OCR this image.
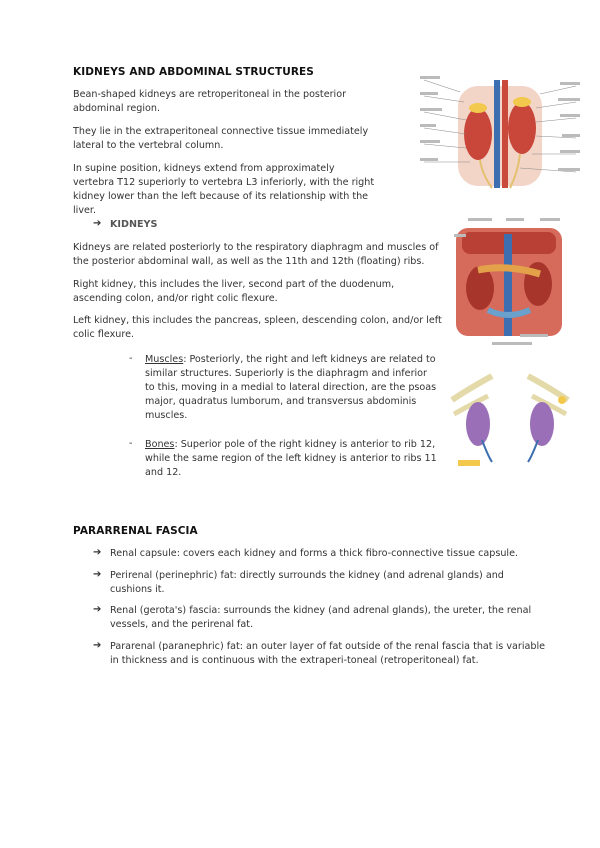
KIDNEYS AND ABDOMINAL STRUCTURES
Bean-shaped kidneys are retroperitoneal in the posterior abdominal region.
They lie in the extraperitoneal connective tissue immediately lateral to the vertebral column.
In supine position, kidneys extend from approximately vertebra T12 superiorly to vertebra L3 inferiorly, with the right kidney lower than the left because of its relationship with the liver.
➔ KIDNEYS
Kidneys are related posteriorly to the respiratory diaphragm and muscles of the posterior abdominal wall, as well as the 11th and 12th (floating) ribs.
Right kidney, this includes the liver, second part of the duodenum, ascending colon, and/or right colic flexure.
Left kidney, this includes the pancreas, spleen, descending colon, and/or left colic flexure.
- Muscles: Posteriorly, the right and left kidneys are related to similar structures. Superiorly is the diaphragm and inferior to this, moving in a medial to lateral direction, are the psoas major, quadratus lumborum, and transversus abdominis muscles.
- Bones: Superior pole of the right kidney is anterior to rib 12, while the same region of the left kidney is anterior to ribs 11 and 12.
PARARRENAL FASCIA
➔ Renal capsule: covers each kidney and forms a thick fibro-connective tissue capsule.
➔ Perirenal (perinephric) fat: directly surrounds the kidney (and adrenal glands) and cushions it.
➔ Renal (gerota's) fascia: surrounds the kidney (and adrenal glands), the ureter, the renal vessels, and the perirenal fat.
➔ Pararenal (paranephric) fat: an outer layer of fat outside of the renal fascia that is variable in thickness and is continuous with the extraperi-toneal (retroperitoneal) fat.
